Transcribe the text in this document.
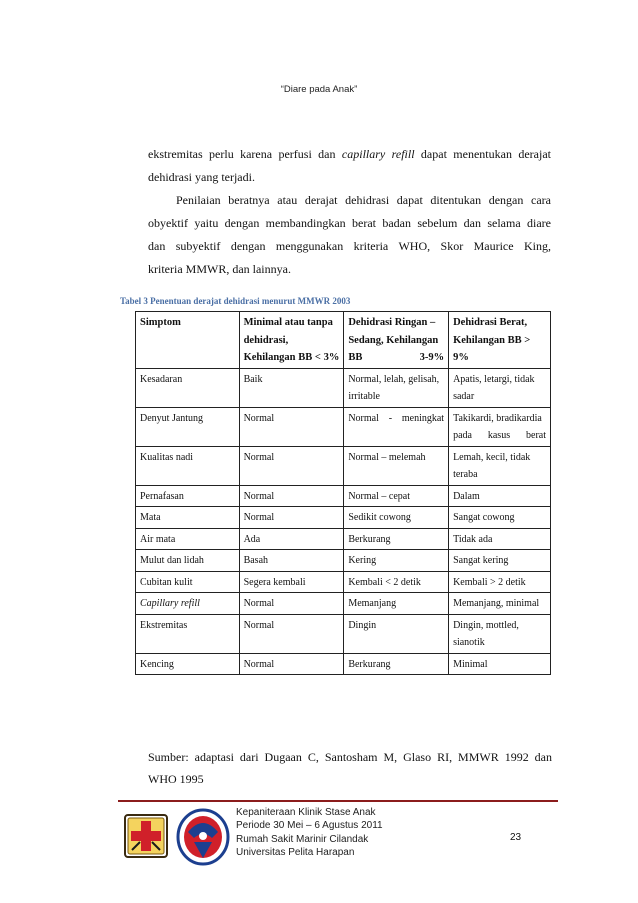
“Diare pada Anak”
ekstremitas perlu karena perfusi dan capillary refill dapat menentukan derajat
dehidrasi yang terjadi.
Penilaian beratnya atau derajat dehidrasi dapat ditentukan dengan cara
obyektif yaitu dengan membandingkan berat badan sebelum dan selama diare
dan subyektif dengan menggunakan kriteria WHO, Skor Maurice King,
kriteria MMWR, dan lainnya.
Tabel 3 Penentuan derajat dehidrasi menurut MMWR 2003
Simptom	Minimal atau tanpa dehidrasi, Kehilangan BB < 3%	Dehidrasi Ringan – Sedang, Kehilangan BB 3-9%	Dehidrasi Berat, Kehilangan BB > 9%
Kesadaran	Baik	Normal, lelah, gelisah, irritable	Apatis, letargi, tidak sadar
Denyut Jantung	Normal	Normal - meningkat	Takikardi, bradikardia pada kasus berat
Kualitas nadi	Normal	Normal – melemah	Lemah, kecil, tidak teraba
Pernafasan	Normal	Normal – cepat	Dalam
Mata	Normal	Sedikit cowong	Sangat cowong
Air mata	Ada	Berkurang	Tidak ada
Mulut dan lidah	Basah	Kering	Sangat kering
Cubitan kulit	Segera kembali	Kembali < 2 detik	Kembali > 2 detik
Capillary refill	Normal	Memanjang	Memanjang, minimal
Ekstremitas	Normal	Dingin	Dingin, mottled, sianotik
Kencing	Normal	Berkurang	Minimal
Sumber: adaptasi dari Dugaan C, Santosham M, Glaso RI, MMWR 1992 dan
WHO 1995
Kepaniteraan Klinik Stase Anak
Periode 30 Mei – 6 Agustus 2011
Rumah Sakit Marinir Cilandak
Universitas Pelita Harapan
23
